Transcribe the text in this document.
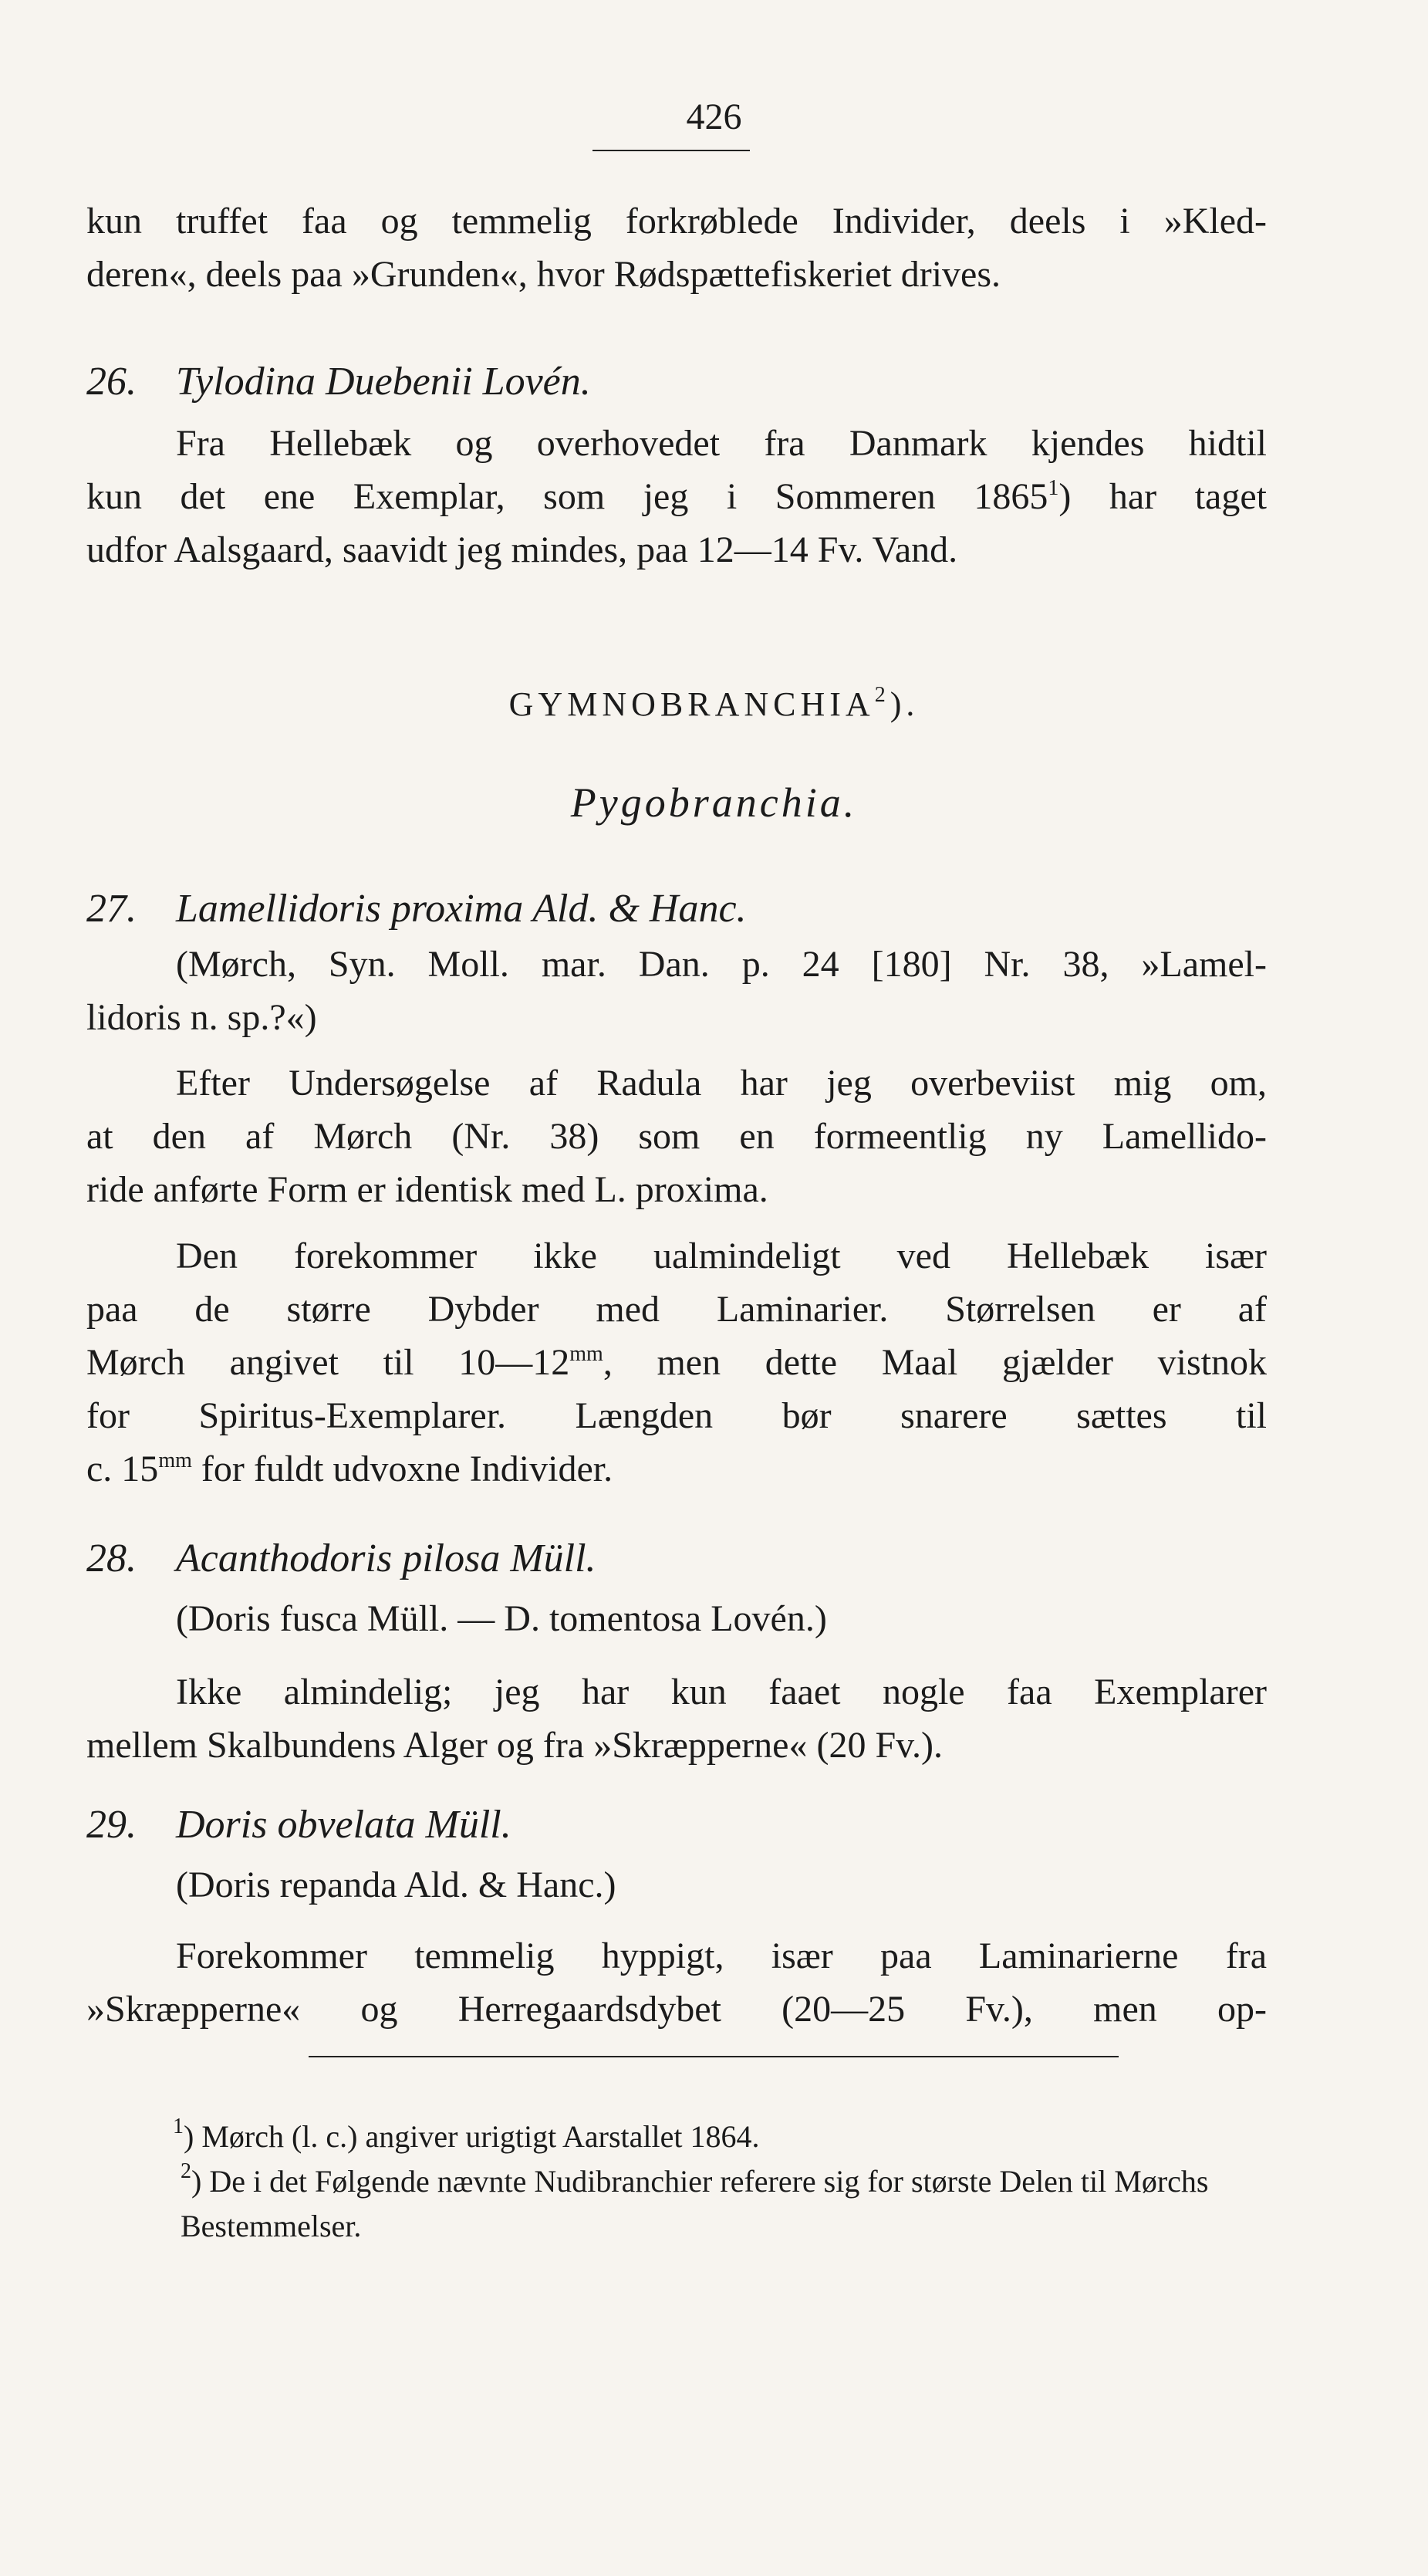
426

kun truffet faa og temmelig forkrøblede Individer, deels i »Kled-
deren«, deels paa »Grunden«, hvor Rødspættefiskeriet drives.

26. Tylodina Duebenii Lovén.

Fra Hellebæk og overhovedet fra Danmark kjendes hidtil
kun det ene Exemplar, som jeg i Sommeren 1865$^1$) har taget
udfor Aalsgaard, saavidt jeg mindes, paa 12—14 Fv. Vand.

GYMNOBRANCHIA$^2$).

Pygobranchia.

27. Lamellidoris proxima Ald. & Hanc.

(Mørch, Syn. Moll. mar. Dan. p. 24 [180] Nr. 38, »Lamel-
lidoris n. sp.?«)

Efter Undersøgelse af Radula har jeg overbeviist mig om,
at den af Mørch (Nr. 38) som en formeentlig ny Lamellido-
ride anførte Form er identisk med L. proxima.

Den forekommer ikke ualmindeligt ved Hellebæk især
paa de større Dybder med Laminarier. Størrelsen er af
Mørch angivet til $10—12^{mm}$, men dette Maal gjælder vistnok
for Spiritus-Exemplarer. Længden bør snarere sættes til
c. $15^{mm}$ for fuldt udvoxne Individer.

28. Acanthodoris pilosa Müll.

(Doris fusca Müll. — D. tomentosa Lovén.)

Ikke almindelig; jeg har kun faaet nogle faa Exemplarer
mellem Skalbundens Alger og fra »Skræpperne« (20 Fv.).

29. Doris obvelata Müll.

(Doris repanda Ald. & Hanc.)

Forekommer temmelig hyppigt, især paa Laminarierne fra
»Skræpperne« og Herregaardsdybet (20—25 Fv.), men op-

$^1$) Mørch (l. c.) angiver urigtigt Aarstallet 1864.

$^2$) De i det Følgende nævnte Nudibranchier referere sig for største Delen til Mørchs Bestemmelser.
